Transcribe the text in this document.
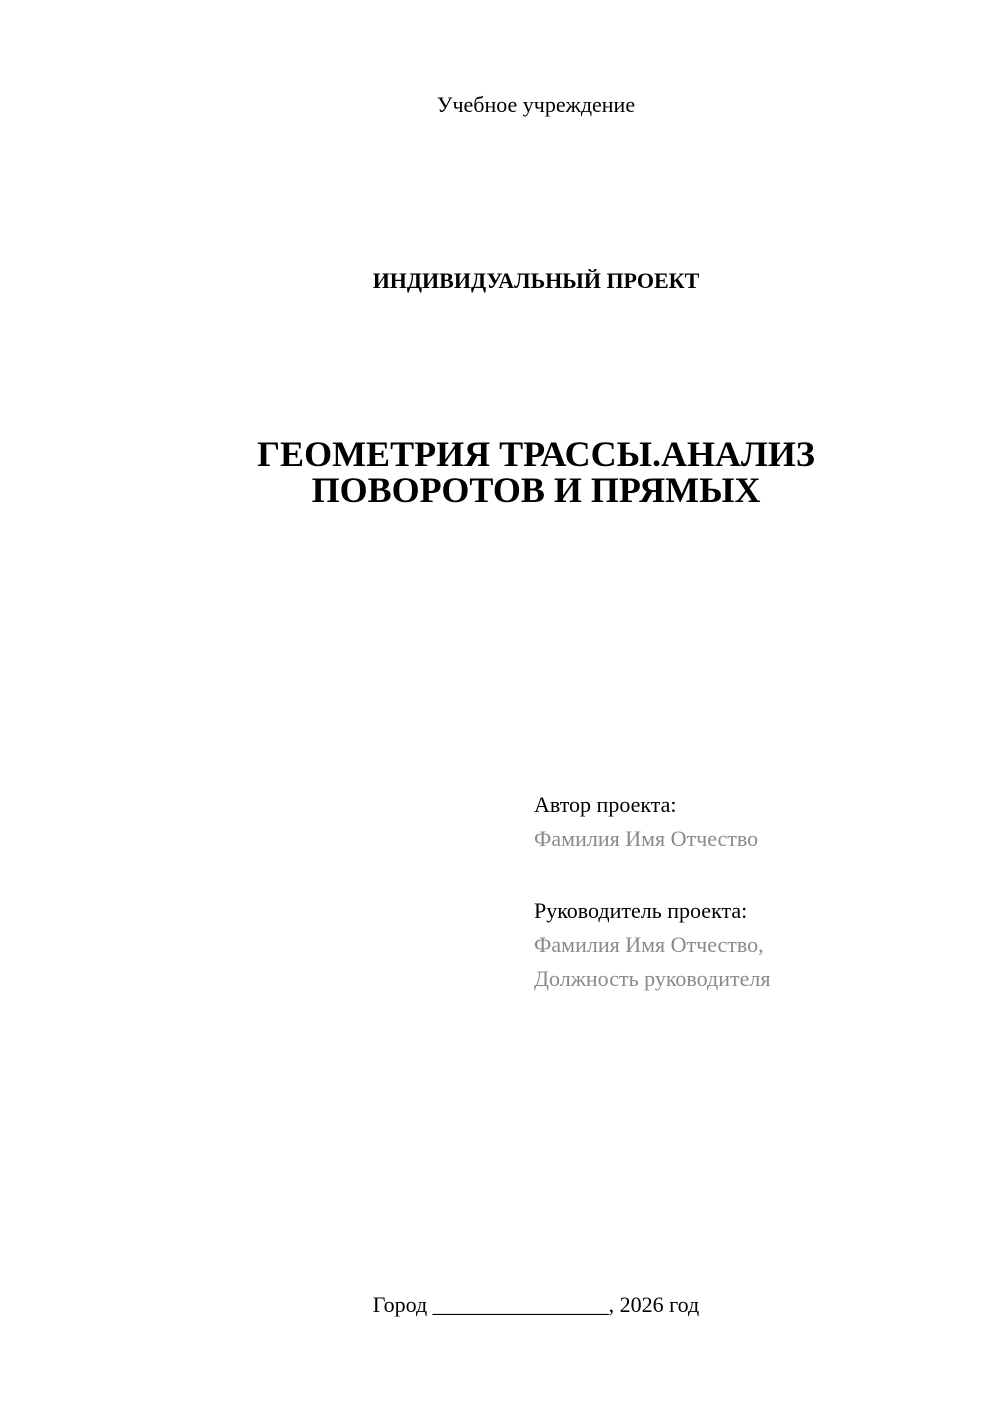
Учебное учреждение
ИНДИВИДУАЛЬНЫЙ ПРОЕКТ
ГЕОМЕТРИЯ ТРАССЫ.АНАЛИЗ
ПОВОРОТОВ И ПРЯМЫХ
Автор проекта:
Фамилия Имя Отчество
Руководитель проекта:
Фамилия Имя Отчество,
Должность руководителя
Город ________________, 2026 год
